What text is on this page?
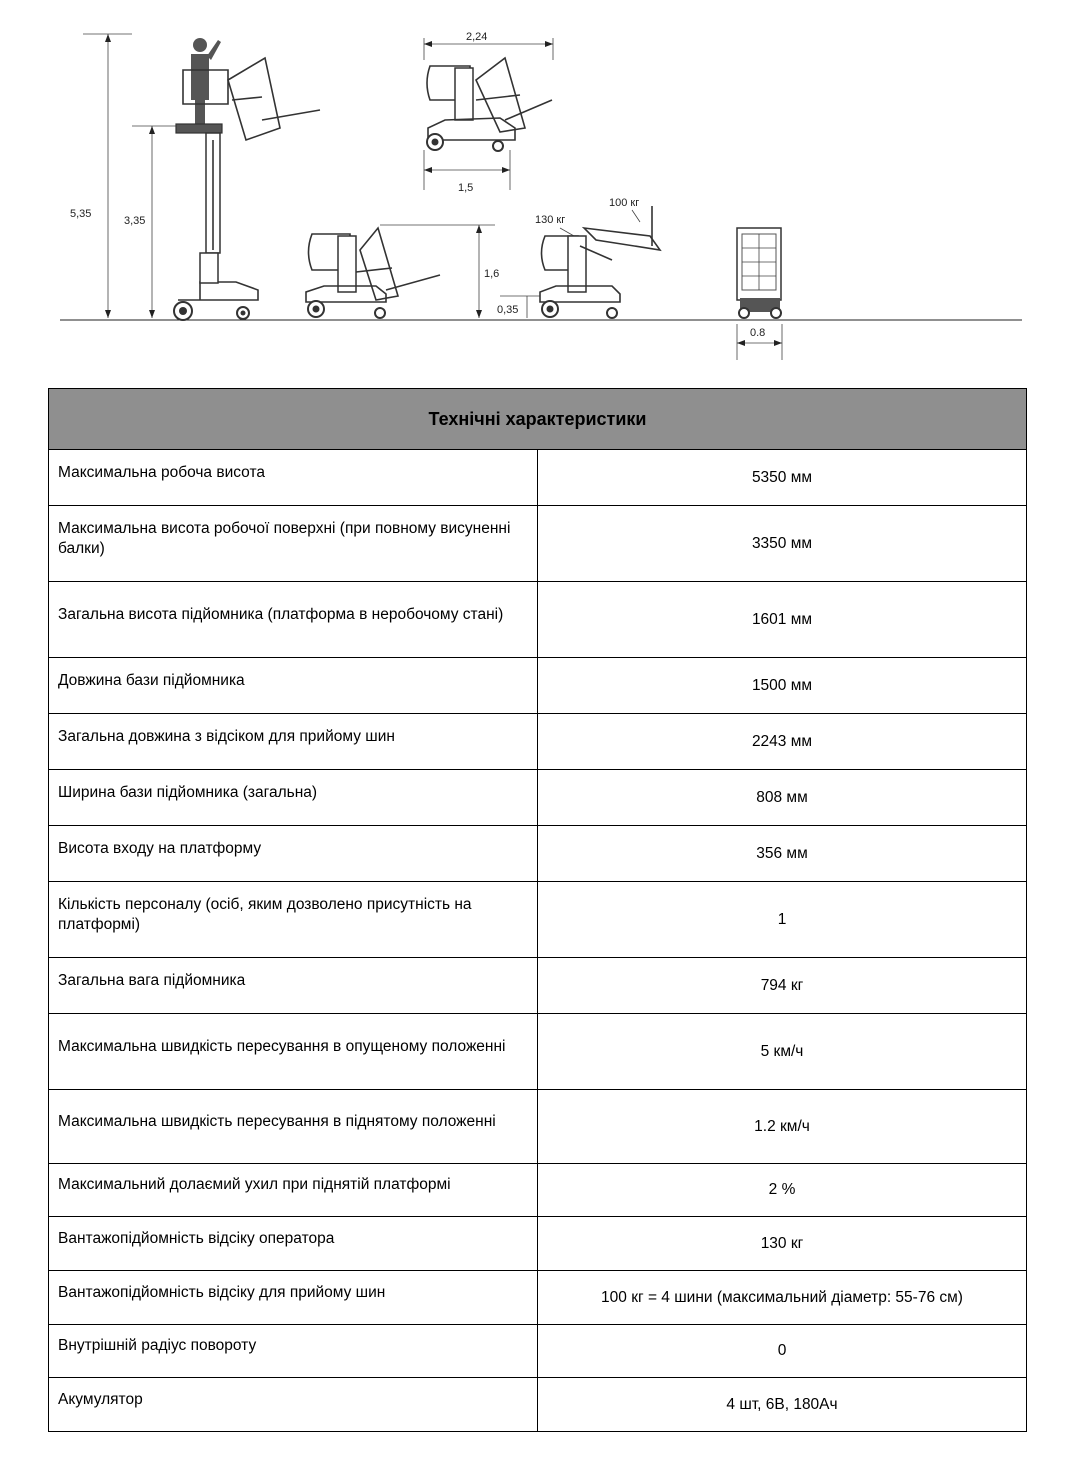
5,35
3,35
2,24
1,5
1,6
100 кг
130 кг
0,35
0.8
Технічні характеристики	
Максимальна робоча висота	5350 мм
Максимальна висота робочої поверхні (при повному висуненні балки)	3350 мм
Загальна висота підйомника (платформа в неробочому стані)	1601 мм
Довжина бази підйомника	1500 мм
Загальна довжина з відсіком для прийому шин	2243 мм
Ширина бази підйомника (загальна)	808 мм
Висота входу на платформу	356 мм
Кількість персоналу (осіб, яким дозволено присутність на платформі)	1
Загальна вага підйомника	794 кг
Максимальна швидкість пересування в опущеному положенні	5 км/ч
Максимальна швидкість пересування в піднятому положенні	1.2 км/ч
Максимальний долаємий ухил при піднятій платформі	2 %
Вантажопідйомність відсіку оператора	130 кг
Вантажопідйомність відсіку для прийому шин	100 кг = 4 шини (максимальний діаметр: 55-76 см)
Внутрішній радіус повороту	0
Акумулятор	4 шт, 6В, 180Ач
